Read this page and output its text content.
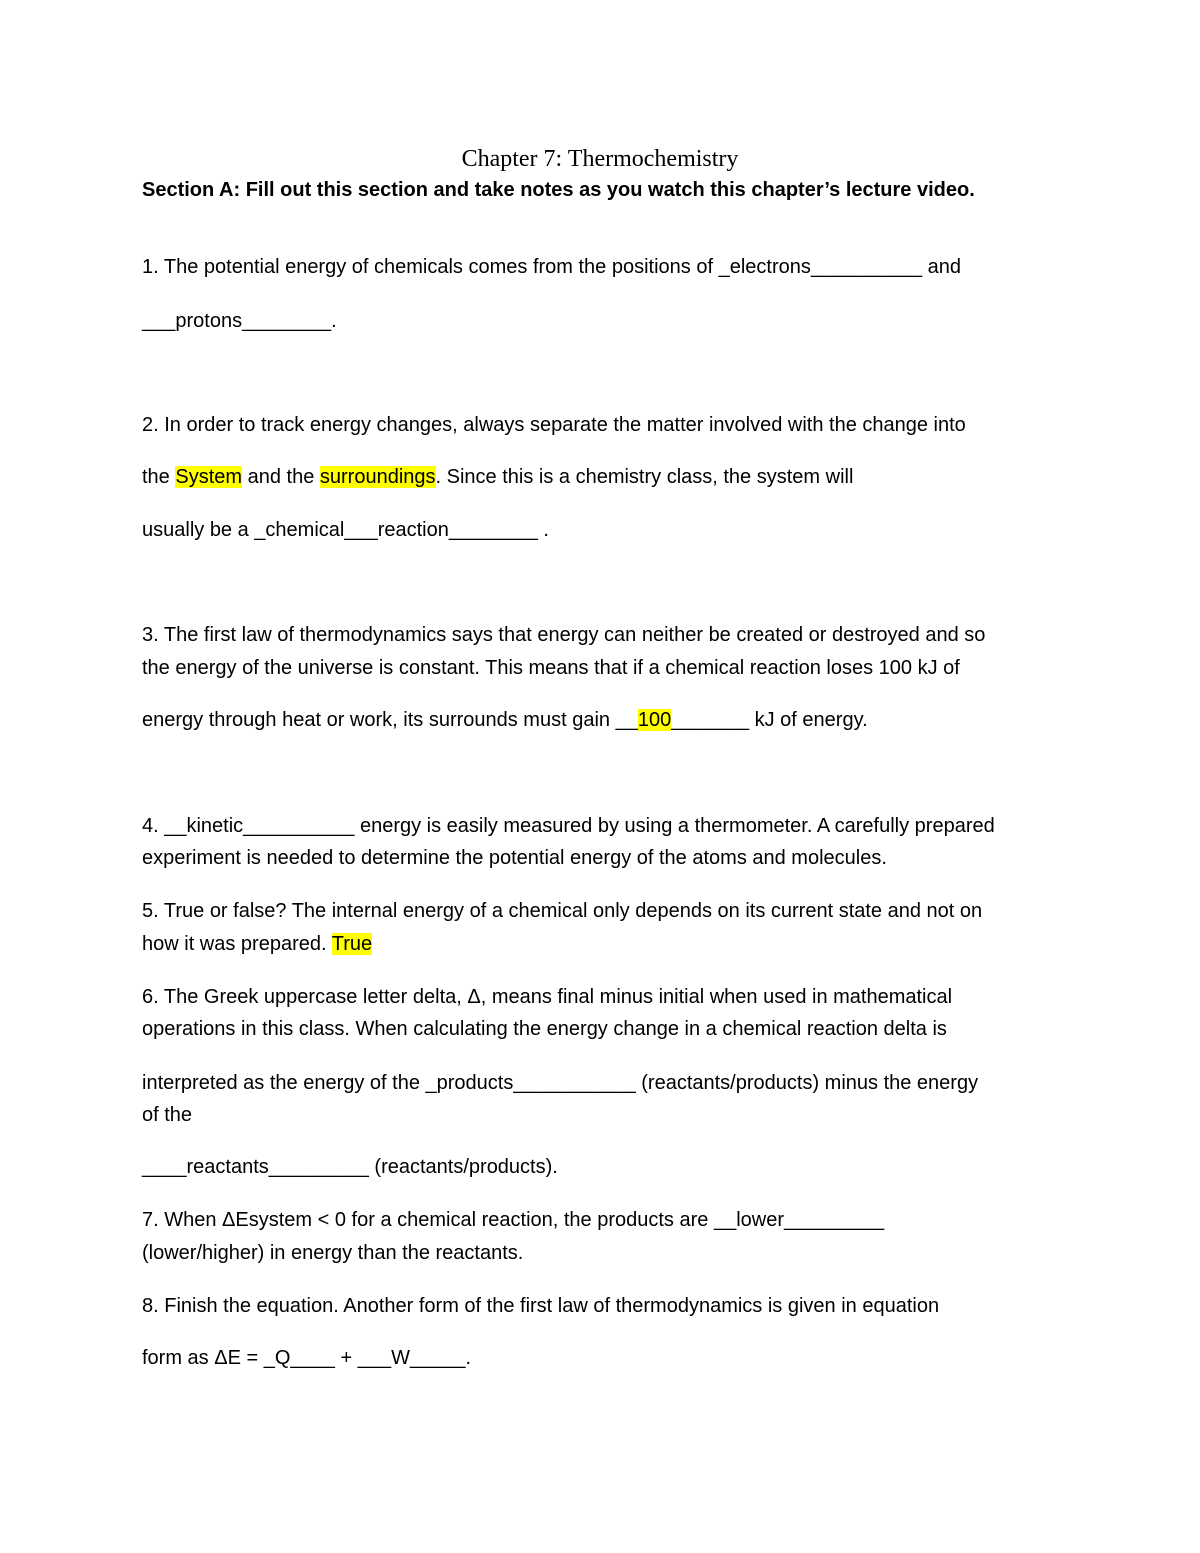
Chapter 7: Thermochemistry
Section A: Fill out this section and take notes as you watch this chapter’s lecture video.
1. The potential energy of chemicals comes from the positions of _electrons__________ and
___protons________.
2. In order to track energy changes, always separate the matter involved with the change into
the System and the surroundings. Since this is a chemistry class, the system will
usually be a _chemical___reaction________ .
3. The first law of thermodynamics says that energy can neither be created or destroyed and so
the energy of the universe is constant. This means that if a chemical reaction loses 100 kJ of
energy through heat or work, its surrounds must gain __100_______ kJ of energy.
4. __kinetic__________ energy is easily measured by using a thermometer. A carefully prepared
experiment is needed to determine the potential energy of the atoms and molecules.
5. True or false? The internal energy of a chemical only depends on its current state and not on
how it was prepared. True
6. The Greek uppercase letter delta, Δ, means final minus initial when used in mathematical
operations in this class. When calculating the energy change in a chemical reaction delta is
interpreted as the energy of the _products___________ (reactants/products) minus the energy
of the
____reactants_________ (reactants/products).
7. When ΔEsystem < 0 for a chemical reaction, the products are __lower_________
(lower/higher) in energy than the reactants.
8. Finish the equation. Another form of the first law of thermodynamics is given in equation
form as ΔE = _Q____ + ___W_____.
